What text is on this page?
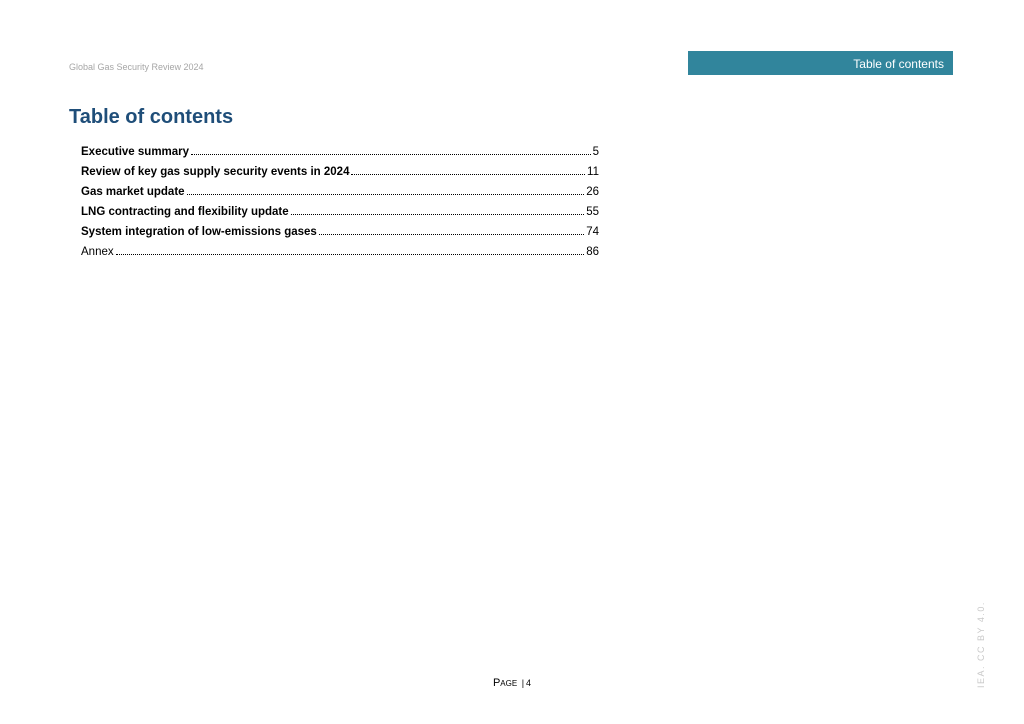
Global Gas Security Review 2024	Table of contents
Table of contents
Executive summary	5
Review of key gas supply security events in 2024	11
Gas market update	26
LNG contracting and flexibility update	55
System integration of low-emissions gases	74
Annex	86
Page | 4	IEA. CC BY 4.0.
